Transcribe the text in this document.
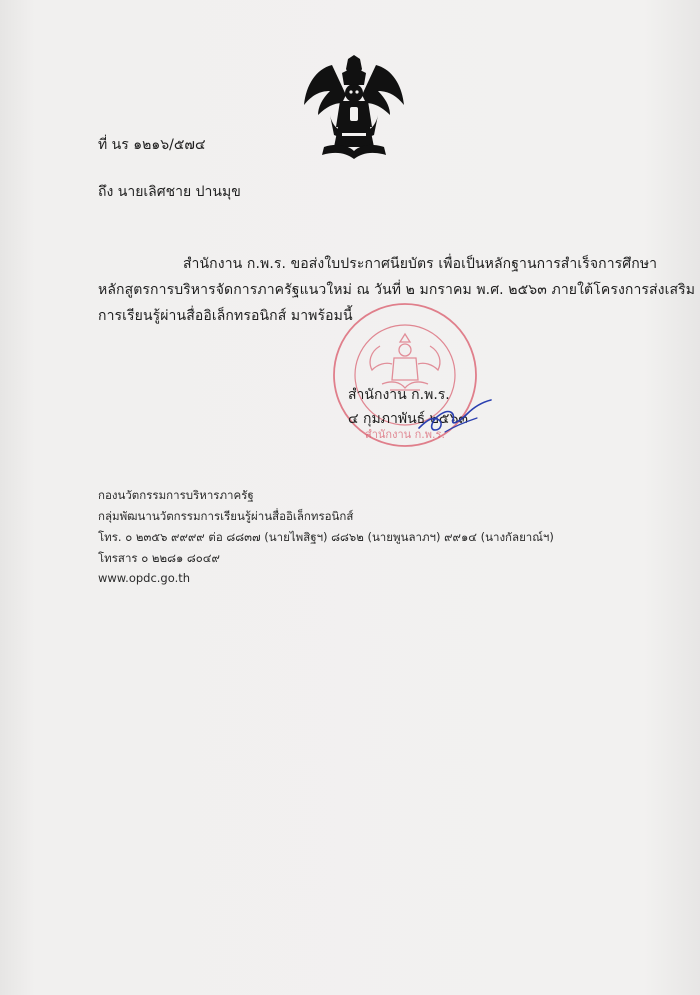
ที่ นร ๑๒๑๖/๕๗๔
ถึง นายเลิศชาย ปานมุข

สำนักงาน ก.พ.ร. ขอส่งใบประกาศนียบัตร เพื่อเป็นหลักฐานการสำเร็จการศึกษา

หลักสูตรการบริหารจัดการภาครัฐแนวใหม่ ณ วันที่ ๒ มกราคม พ.ศ. ๒๕๖๓ ภายใต้โครงการส่งเสริม

การเรียนรู้ผ่านสื่ออิเล็กทรอนิกส์ มาพร้อมนี้

สำนักงาน ก.พ.ร.
สำนักงาน ก.พ.ร.
๔ กุมภาพันธ์ ๒๕๖๓
กองนวัตกรรมการบริหารภาครัฐ
กลุ่มพัฒนานวัตกรรมการเรียนรู้ผ่านสื่ออิเล็กทรอนิกส์
โทร. ๐ ๒๓๕๖ ๙๙๙๙ ต่อ ๘๘๓๗ (นายไพสิฐฯ) ๘๘๖๒ (นายพูนลาภฯ) ๙๙๑๔ (นางกัลยาณ์ฯ)
โทรสาร ๐ ๒๒๘๑ ๘๐๔๙
www.opdc.go.th
